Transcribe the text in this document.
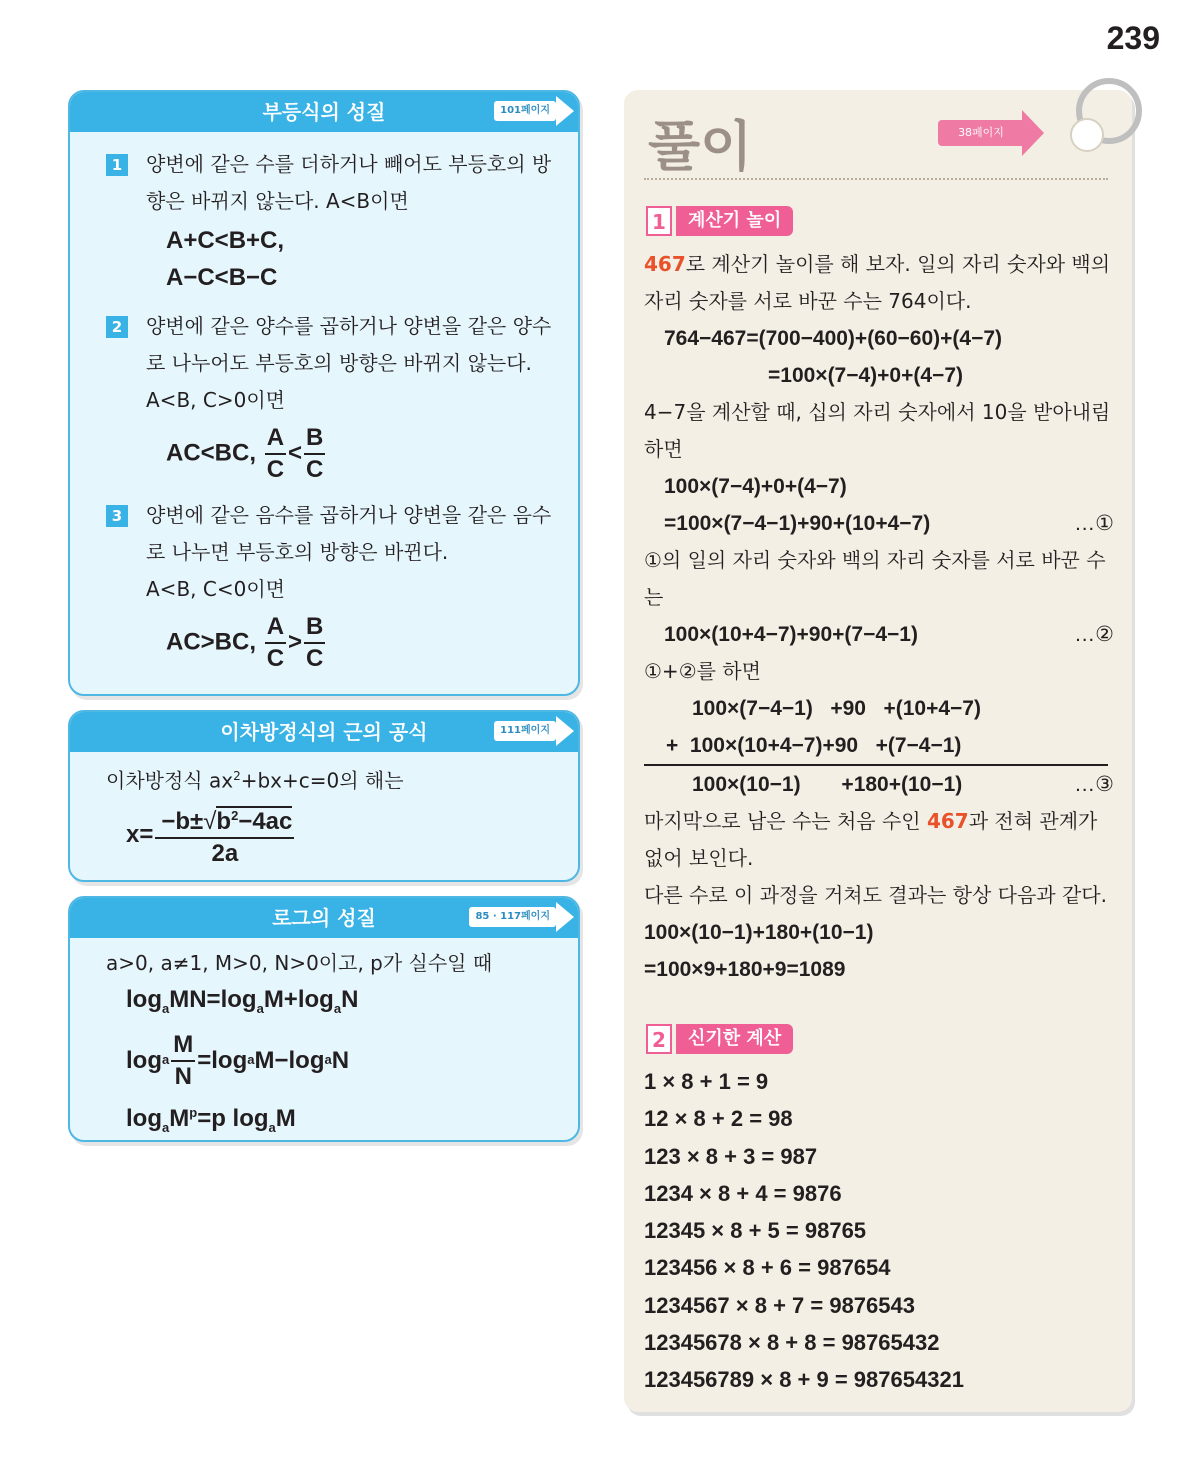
239
부등식의 성질	101페이지
1 양변에 같은 수를 더하거나 빼어도 부등호의 방향은 바뀌지 않는다. A<B이면
A+C<B+C,
A−C<B−C
2 양변에 같은 양수를 곱하거나 양변을 같은 양수로 나누어도 부등호의 방향은 바뀌지 않는다.
A<B, C>0이면
AC<BC, $\frac{A}{C} < \frac{B}{C}$
3 양변에 같은 음수를 곱하거나 양변을 같은 음수로 나누면 부등호의 방향은 바뀐다.
A<B, C<0이면
AC>BC, $\frac{A}{C} > \frac{B}{C}$
이차방정식의 근의 공식	111페이지
이차방정식 $ax^2+bx+c=0$의 해는
$x= \frac{-b\pm√b^2-4ac}{2a}$
로그의 성질	85 · 117페이지
a>0, a≠1, M>0, N>0이고, p가 실수일 때
$\log_aMN=\log_aM+\log_aN$
log a $\frac{M}{N} = \log a$ M− log a N
$\log_aM^p=p$ $\log_aM$
풀이	38페이지
1	계산기 놀이
467로 계산기 놀이를 해 보자. 일의 자리 숫자와 백의 자리 숫자를 서로 바꾼 수는 764이다.
764−467=(700−400)+(60−60)+(4−7)
=100×(7−4)+0+(4−7)
4−7을 계산할 때, 십의 자리 숫자에서 10을 받아내림하면
100×(7−4)+0+(4−7)
=100×(7−4−1)+90+(10+4−7)	…①
①의 일의 자리 숫자와 백의 자리 숫자를 서로 바꾼 수는
100×(10+4−7)+90+(7−4−1)	…②
①+②를 하면
100×(7−4−1)   +90   +(10+4−7)
+  100×(10+4−7)+90   +(7−4−1)
100×(10−1)       +180+(10−1)	…③
마지막으로 남은 수는 처음 수인 467과 전혀 관계가 없어 보인다.
다른 수로 이 과정을 거쳐도 결과는 항상 다음과 같다.
100×(10−1)+180+(10−1)
=100×9+180+9=1089
2	신기한 계산
1 × 8 + 1 = 9
12 × 8 + 2 = 98
123 × 8 + 3 = 987
1234 × 8 + 4 = 9876
12345 × 8 + 5 = 98765
123456 × 8 + 6 = 987654
1234567 × 8 + 7 = 9876543
12345678 × 8 + 8 = 98765432
123456789 × 8 + 9 = 987654321
